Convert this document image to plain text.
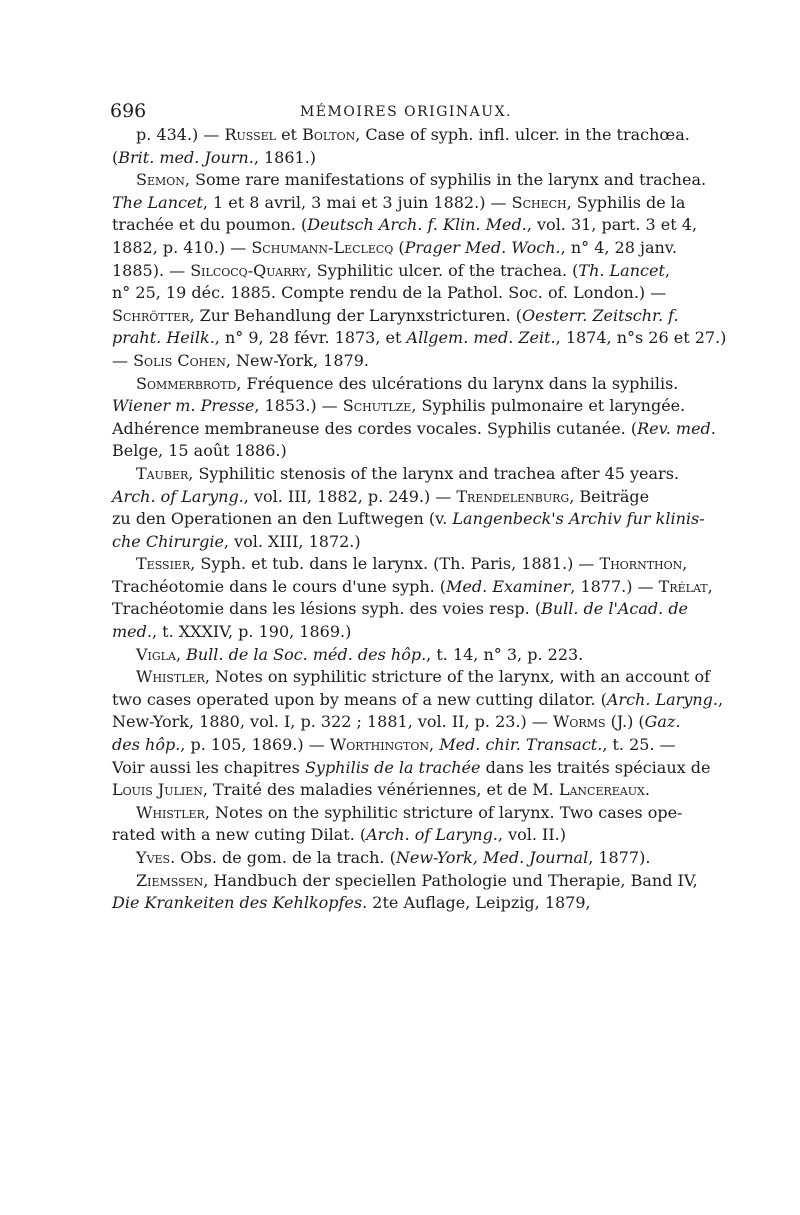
696	MÉMOIRES ORIGINAUX.
p. 434.) — Russel et Bolton, Case of syph. infl. ulcer. in the trachœa.
(Brit. med. Journ., 1861.)
Semon, Some rare manifestations of syphilis in the larynx and trachea.
The Lancet, 1 et 8 avril, 3 mai et 3 juin 1882.) — Schech, Syphilis de la
trachée et du poumon. (Deutsch Arch. f. Klin. Med., vol. 31, part. 3 et 4,
1882, p. 410.) — Schumann-Leclecq (Prager Med. Woch., n° 4, 28 janv.
1885). — Silcocq-Quarry, Syphilitic ulcer. of the trachea. (Th. Lancet,
n° 25, 19 déc. 1885. Compte rendu de la Pathol. Soc. of. London.) —
Schrötter, Zur Behandlung der Larynxstricturen. (Oesterr. Zeitschr. f.
praht. Heilk., n° 9, 28 févr. 1873, et Allgem. med. Zeit., 1874, n°s 26 et 27.)
— Solis Cohen, New-York, 1879.
Sommerbrotd, Fréquence des ulcérations du larynx dans la syphilis.
Wiener m. Presse, 1853.) — Schutlze, Syphilis pulmonaire et laryngée.
Adhérence membraneuse des cordes vocales. Syphilis cutanée. (Rev. med.
Belge, 15 août 1886.)
Tauber, Syphilitic stenosis of the larynx and trachea after 45 years.
Arch. of Laryng., vol. III, 1882, p. 249.) — Trendelenburg, Beiträge
zu den Operationen an den Luftwegen (v. Langenbeck's Archiv fur klinis-
che Chirurgie, vol. XIII, 1872.)
Tessier, Syph. et tub. dans le larynx. (Th. Paris, 1881.) — Thornthon,
Trachéotomie dans le cours d'une syph. (Med. Examiner, 1877.) — Trélat,
Trachéotomie dans les lésions syph. des voies resp. (Bull. de l'Acad. de
med., t. XXXIV, p. 190, 1869.)
Vigla, Bull. de la Soc. méd. des hôp., t. 14, n° 3, p. 223.
Whistler, Notes on syphilitic stricture of the larynx, with an account of
two cases operated upon by means of a new cutting dilator. (Arch. Laryng.,
New-York, 1880, vol. I, p. 322 ; 1881, vol. II, p. 23.) — Worms (J.) (Gaz.
des hôp., p. 105, 1869.) — Worthington, Med. chir. Transact., t. 25. —
Voir aussi les chapitres Syphilis de la trachée dans les traités spéciaux de
Louis Julien, Traité des maladies vénériennes, et de M. Lancereaux.
Whistler, Notes on the syphilitic stricture of larynx. Two cases ope-
rated with a new cuting Dilat. (Arch. of Laryng., vol. II.)
Yves. Obs. de gom. de la trach. (New-York, Med. Journal, 1877).
Ziemssen, Handbuch der speciellen Pathologie und Therapie, Band IV,
Die Krankeiten des Kehlkopfes. 2te Auflage, Leipzig, 1879,
